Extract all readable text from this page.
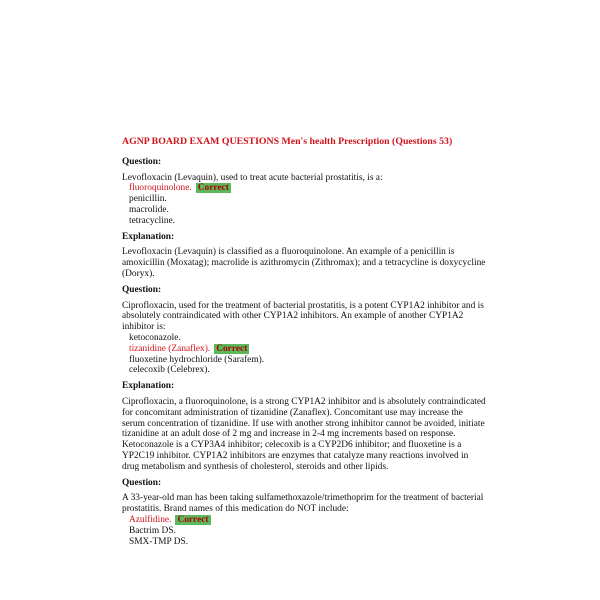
AGNP BOARD EXAM QUESTIONS Men's health Prescription (Questions 53)
Question:
Levofloxacin (Levaquin), used to treat acute bacterial prostatitis, is a:
fluoroquinolone. Correct
penicillin.
macrolide.
tetracycline.
Explanation:
Levofloxacin (Levaquin) is classified as a fluoroquinolone. An example of a penicillin is
amoxicillin (Moxatag); macrolide is azithromycin (Zithromax); and a tetracycline is doxycycline
(Doryx).
Question:
Ciprofloxacin, used for the treatment of bacterial prostatitis, is a potent CYP1A2 inhibitor and is
absolutely contraindicated with other CYP1A2 inhibitors. An example of another CYP1A2
inhibitor is:
ketoconazole.
tizanidine (Zanaflex). Correct
fluoxetine hydrochloride (Sarafem).
celecoxib (Celebrex).
Explanation:
Ciprofloxacin, a fluoroquinolone, is a strong CYP1A2 inhibitor and is absolutely contraindicated
for concomitant administration of tizanidine (Zanaflex). Concomitant use may increase the
serum concentration of tizanidine. If use with another strong inhibitor cannot be avoided, initiate
tizanidine at an adult dose of 2 mg and increase in 2-4 mg increments based on response.
Ketoconazole is a CYP3A4 inhibitor; celecoxib is a CYP2D6 inhibitor; and fluoxetine is a
YP2C19 inhibitor. CYP1A2 inhibitors are enzymes that catalyze many reactions involved in
drug metabolism and synthesis of cholesterol, steroids and other lipids.
Question:
A 33-year-old man has been taking sulfamethoxazole/trimethoprim for the treatment of bacterial
prostatitis. Brand names of this medication do NOT include:
Azulfidine. Correct
Bactrim DS.
SMX-TMP DS.
